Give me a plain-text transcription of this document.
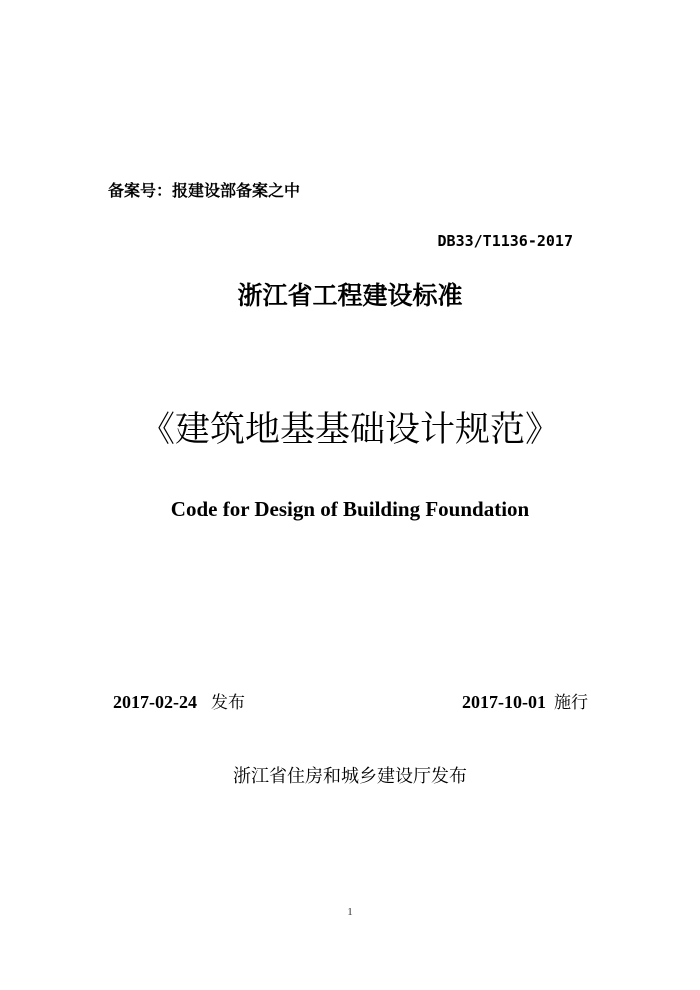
备案号：报建设部备案之中
DB33/T1136-2017
浙江省工程建设标准
《建筑地基基础设计规范》
Code for Design of Building Foundation
2017-02-24 发布	2017-10-01 施行
浙江省住房和城乡建设厅发布
1
